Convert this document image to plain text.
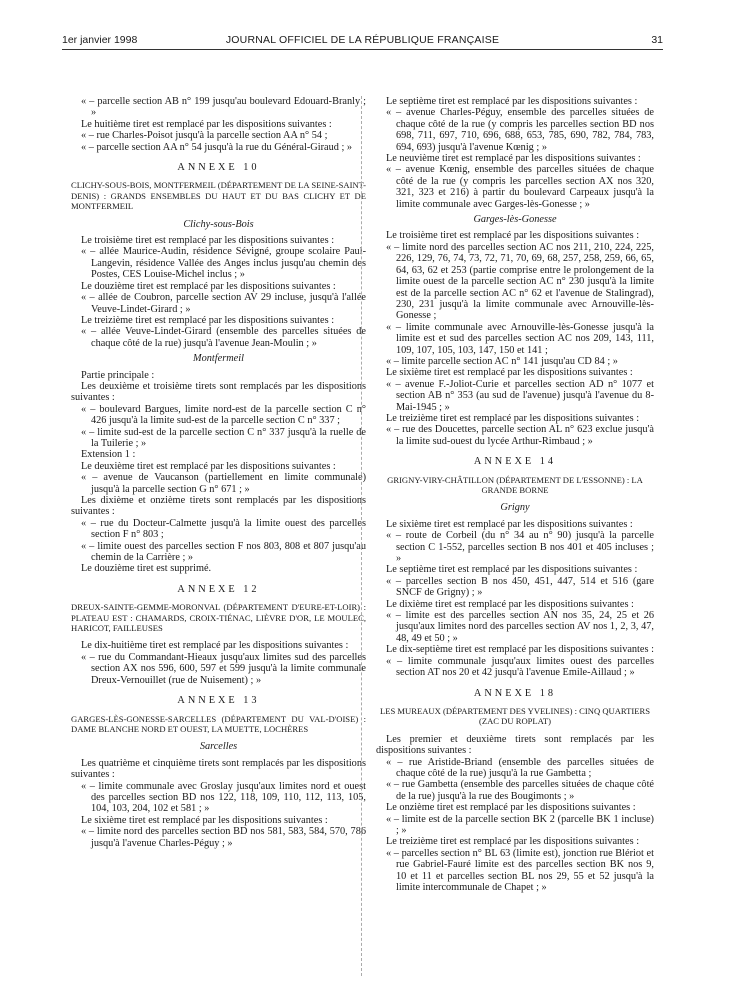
1er janvier 1998	JOURNAL OFFICIEL DE LA RÉPUBLIQUE FRANÇAISE	31

« – parcelle section AB n° 199 jusqu'au boulevard Edouard-Branly ; »

Le huitième tiret est remplacé par les dispositions suivantes :

« – rue Charles-Poisot jusqu'à la parcelle section AA n° 54 ;

« – parcelle section AA n° 54 jusqu'à la rue du Général-Giraud ; »

ANNEXE 10

CLICHY-SOUS-BOIS, MONTFERMEIL (DÉPARTEMENT DE LA SEINE-SAINT-DENIS) : GRANDS ENSEMBLES DU HAUT ET DU BAS CLICHY ET DE MONTFERMEIL

Clichy-sous-Bois

Le troisième tiret est remplacé par les dispositions suivantes :

« – allée Maurice-Audin, résidence Sévigné, groupe scolaire Paul-Langevin, résidence Vallée des Anges inclus jusqu'au chemin des Postes, CES Louise-Michel inclus ; »

Le douzième tiret est remplacé par les dispositions suivantes :

« – allée de Coubron, parcelle section AV 29 incluse, jusqu'à l'allée Veuve-Lindet-Girard ; »

Le treizième tiret est remplacé par les dispositions suivantes :

« – allée Veuve-Lindet-Girard (ensemble des parcelles situées de chaque côté de la rue) jusqu'à l'avenue Jean-Moulin ; »

Montfermeil

Partie principale :

Les deuxième et troisième tirets sont remplacés par les dispositions suivantes :

« – boulevard Bargues, limite nord-est de la parcelle section C n° 426 jusqu'à la limite sud-est de la parcelle section C n° 337 ;

« – limite sud-est de la parcelle section C n° 337 jusqu'à la ruelle de la Tuilerie ; »

Extension 1 :

Le deuxième tiret est remplacé par les dispositions suivantes :

« – avenue de Vaucanson (partiellement en limite communale) jusqu'à la parcelle section G n° 671 ; »

Les dixième et onzième tirets sont remplacés par les dispositions suivantes :

« – rue du Docteur-Calmette jusqu'à la limite ouest des parcelles section F n° 803 ;

« – limite ouest des parcelles section F nos 803, 808 et 807 jusqu'au chemin de la Carrière ; »

Le douzième tiret est supprimé.

ANNEXE 12

DREUX-SAINTE-GEMME-MORONVAL (DÉPARTEMENT D'EURE-ET-LOIR) : PLATEAU EST : CHAMARDS, CROIX-TIÉNAC, LIÈVRE D'OR, LE MOULEC, HARICOT, FAILLEUSES

Le dix-huitième tiret est remplacé par les dispositions suivantes :

« – rue du Commandant-Hieaux jusqu'aux limites sud des parcelles section AX nos 596, 600, 597 et 599 jusqu'à la limite communale Dreux-Vernouillet (rue de Nuisement) ; »

ANNEXE 13

GARGES-LÈS-GONESSE-SARCELLES (DÉPARTEMENT DU VAL-D'OISE) : DAME BLANCHE NORD ET OUEST, LA MUETTE, LOCHÈRES

Sarcelles

Les quatrième et cinquième tirets sont remplacés par les dispositions suivantes :

« – limite communale avec Groslay jusqu'aux limites nord et ouest des parcelles section BD nos 122, 118, 109, 110, 112, 113, 105, 104, 103, 204, 102 et 581 ; »

Le sixième tiret est remplacé par les dispositions suivantes :

« – limite nord des parcelles section BD nos 581, 583, 584, 570, 786 jusqu'à l'avenue Charles-Péguy ; »

Le septième tiret est remplacé par les dispositions suivantes :

« – avenue Charles-Péguy, ensemble des parcelles situées de chaque côté de la rue (y compris les parcelles section BD nos 698, 711, 697, 710, 696, 688, 653, 785, 690, 782, 784, 783, 694, 693) jusqu'à l'avenue Kœnig ; »

Le neuvième tiret est remplacé par les dispositions suivantes :

« – avenue Kœnig, ensemble des parcelles situées de chaque côté de la rue (y compris les parcelles section AX nos 320, 321, 323 et 216) à partir du boulevard Carpeaux jusqu'à la limite communale avec Garges-lès-Gonesse ; »

Garges-lès-Gonesse

Le troisième tiret est remplacé par les dispositions suivantes :

« – limite nord des parcelles section AC nos 211, 210, 224, 225, 226, 129, 76, 74, 73, 72, 71, 70, 69, 68, 257, 258, 259, 66, 65, 64, 63, 62 et 253 (partie comprise entre le prolongement de la limite ouest de la parcelle section AC n° 230 jusqu'à la limite est de la parcelle section AC n° 62 et l'avenue de Stalingrad), 230, 231 jusqu'à la limite communale avec Arnouville-lès-Gonesse ;

« – limite communale avec Arnouville-lès-Gonesse jusqu'à la limite est et sud des parcelles section AC nos 209, 143, 111, 109, 107, 105, 103, 147, 150 et 141 ;

« – limite parcelle section AC n° 141 jusqu'au CD 84 ; »

Le sixième tiret est remplacé par les dispositions suivantes :

« – avenue F.-Joliot-Curie et parcelles section AD n° 1077 et section AB n° 353 (au sud de l'avenue) jusqu'à l'avenue du 8-Mai-1945 ; »

Le treizième tiret est remplacé par les dispositions suivantes :

« – rue des Doucettes, parcelle section AL n° 623 exclue jusqu'à la limite sud-ouest du lycée Arthur-Rimbaud ; »

ANNEXE 14

GRIGNY-VIRY-CHÂTILLON (DÉPARTEMENT DE L'ESSONNE) : LA GRANDE BORNE

Grigny

Le sixième tiret est remplacé par les dispositions suivantes :

« – route de Corbeil (du n° 34 au n° 90) jusqu'à la parcelle section C 1-552, parcelles section B nos 401 et 405 incluses ; »

Le septième tiret est remplacé par les dispositions suivantes :

« – parcelles section B nos 450, 451, 447, 514 et 516 (gare SNCF de Grigny) ; »

Le dixième tiret est remplacé par les dispositions suivantes :

« – limite est des parcelles section AN nos 35, 24, 25 et 26 jusqu'aux limites nord des parcelles section AV nos 1, 2, 3, 47, 48, 49 et 50 ; »

Le dix-septième tiret est remplacé par les dispositions suivantes :

« – limite communale jusqu'aux limites ouest des parcelles section AT nos 20 et 42 jusqu'à l'avenue Emile-Aillaud ; »

ANNEXE 18

LES MUREAUX (DÉPARTEMENT DES YVELINES) : CINQ QUARTIERS (ZAC DU ROPLAT)

Les premier et deuxième tirets sont remplacés par les dispositions suivantes :

« – rue Aristide-Briand (ensemble des parcelles situées de chaque côté de la rue) jusqu'à la rue Gambetta ;

« – rue Gambetta (ensemble des parcelles situées de chaque côté de la rue) jusqu'à la rue des Bougimonts ; »

Le onzième tiret est remplacé par les dispositions suivantes :

« – limite est de la parcelle section BK 2 (parcelle BK 1 incluse) ; »

Le treizième tiret est remplacé par les dispositions suivantes :

« – parcelles section n° BL 63 (limite est), jonction rue Blériot et rue Gabriel-Fauré limite est des parcelles section BK nos 9, 10 et 11 et parcelles section BL nos 29, 55 et 52 jusqu'à la limite intercommunale de Chapet ; »
